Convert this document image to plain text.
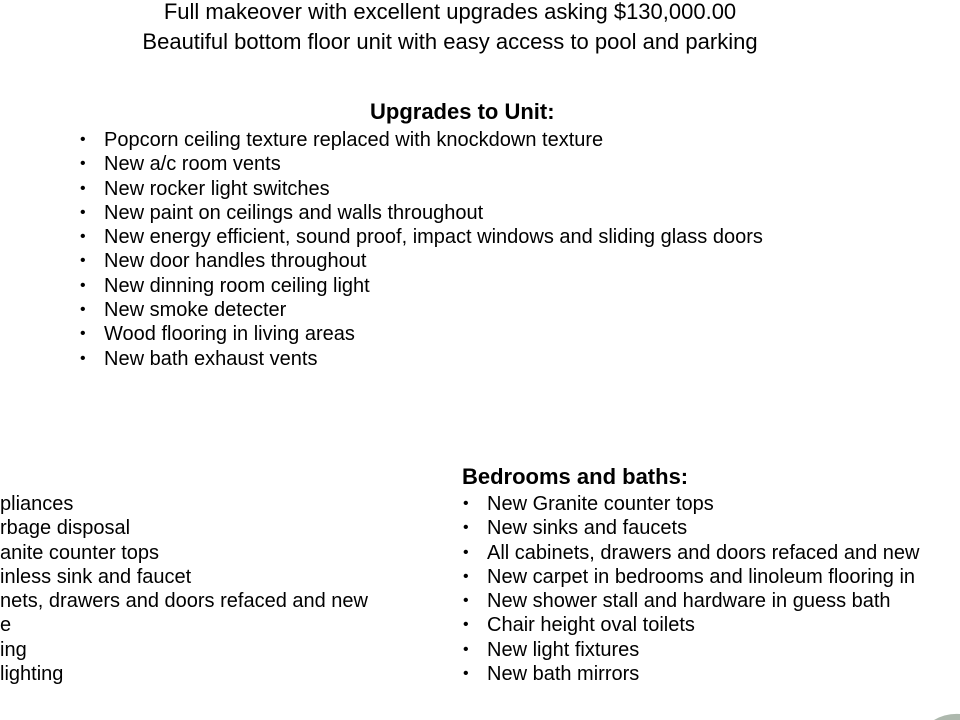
Full makeover with excellent upgrades asking $130,000.00
Beautiful bottom floor unit with easy access to pool and parking
Upgrades to Unit:
• Popcorn ceiling texture replaced with knockdown texture
• New a/c room vents
• New rocker light switches
• New paint on ceilings and walls throughout
• New energy efficient, sound proof, impact windows and sliding glass doors
• New door handles throughout
• New dinning room ceiling light
• New smoke detecter
• Wood flooring in living areas
• New bath exhaust vents
pliances
rbage disposal
anite counter tops
inless sink and faucet
nets, drawers and doors refaced and new
e
ing
lighting
Bedrooms and baths:
• New Granite counter tops
• New sinks and faucets
• All cabinets, drawers and doors refaced and new
• New carpet in bedrooms and linoleum flooring in
• New shower stall and hardware in guess bath
• Chair height oval toilets
• New light fixtures
• New bath mirrors
